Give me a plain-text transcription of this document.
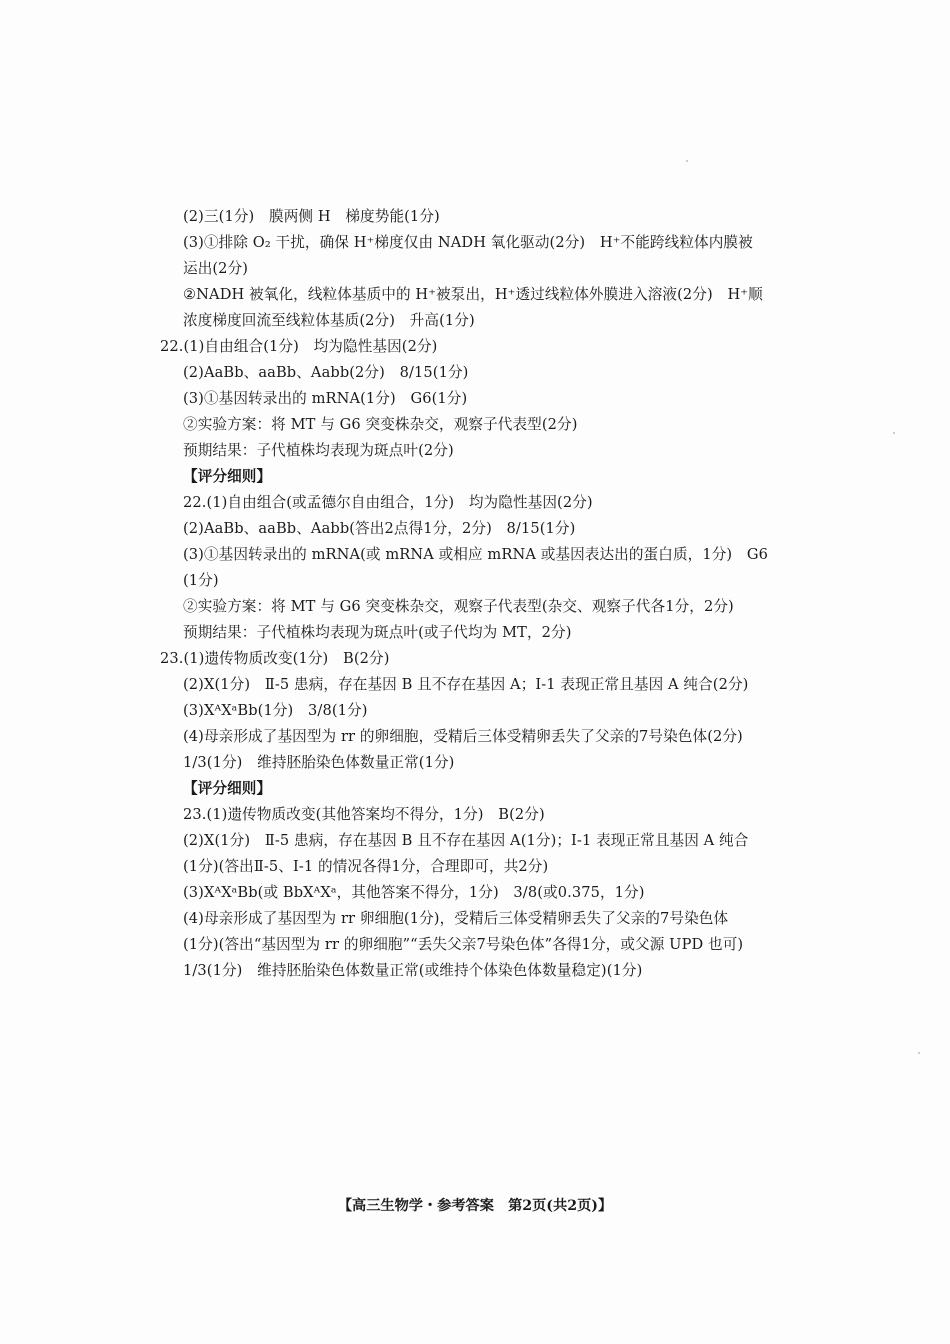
(2)三(1分)　膜两侧 H　梯度势能(1分)
(3)①排除 O₂ 干扰，确保 H⁺梯度仅由 NADH 氧化驱动(2分)　H⁺不能跨线粒体内膜被
运出(2分)
②NADH 被氧化，线粒体基质中的 H⁺被泵出，H⁺透过线粒体外膜进入溶液(2分)　H⁺顺
浓度梯度回流至线粒体基质(2分)　升高(1分)
22.(1)自由组合(1分)　均为隐性基因(2分)
(2)AaBb、aaBb、Aabb(2分)　8/15(1分)
(3)①基因转录出的 mRNA(1分)　G6(1分)
②实验方案：将 MT 与 G6 突变株杂交，观察子代表型(2分)
预期结果：子代植株均表现为斑点叶(2分)
【评分细则】
22.(1)自由组合(或孟德尔自由组合，1分)　均为隐性基因(2分)
(2)AaBb、aaBb、Aabb(答出2点得1分，2分)　8/15(1分)
(3)①基因转录出的 mRNA(或 mRNA 或相应 mRNA 或基因表达出的蛋白质，1分)　G6
(1分)
②实验方案：将 MT 与 G6 突变株杂交，观察子代表型(杂交、观察子代各1分，2分)
预期结果：子代植株均表现为斑点叶(或子代均为 MT，2分)
23.(1)遗传物质改变(1分)　B(2分)
(2)X(1分)　Ⅱ-5 患病，存在基因 B 且不存在基因 A；Ⅰ-1 表现正常且基因 A 纯合(2分)
(3)XᴬXᵃBb(1分)　3/8(1分)
(4)母亲形成了基因型为 rr 的卵细胞，受精后三体受精卵丢失了父亲的7号染色体(2分)
1/3(1分)　维持胚胎染色体数量正常(1分)
【评分细则】
23.(1)遗传物质改变(其他答案均不得分，1分)　B(2分)
(2)X(1分)　Ⅱ-5 患病，存在基因 B 且不存在基因 A(1分)；Ⅰ-1 表现正常且基因 A 纯合
(1分)(答出Ⅱ-5、Ⅰ-1 的情况各得1分，合理即可，共2分)
(3)XᴬXᵃBb(或 BbXᴬXᵃ，其他答案不得分，1分)　3/8(或0.375，1分)
(4)母亲形成了基因型为 rr 卵细胞(1分)，受精后三体受精卵丢失了父亲的7号染色体
(1分)(答出“基因型为 rr 的卵细胞”“丢失父亲7号染色体”各得1分，或父源 UPD 也可)
1/3(1分)　维持胚胎染色体数量正常(或维持个体染色体数量稳定)(1分)
【高三生物学・参考答案　第2页(共2页)】
